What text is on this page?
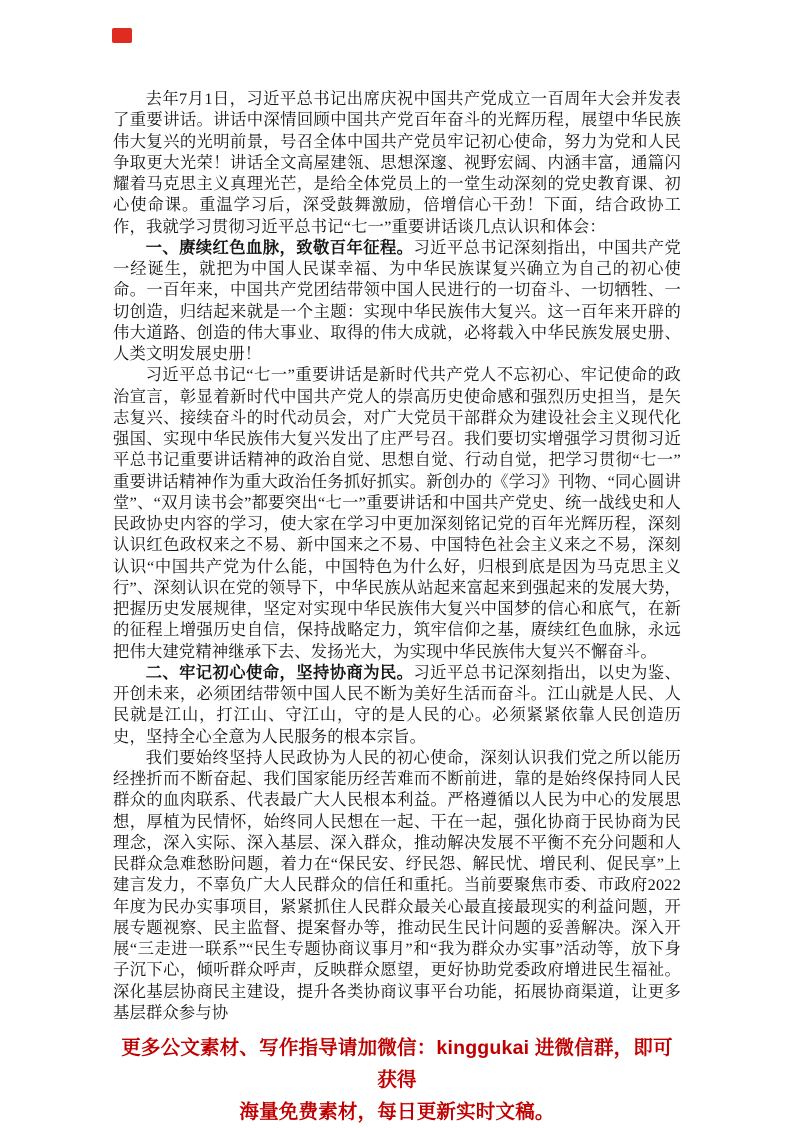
去年7月1日，习近平总书记出席庆祝中国共产党成立一百周年大会并发表了重要讲话。讲话中深情回顾中国共产党百年奋斗的光辉历程，展望中华民族伟大复兴的光明前景，号召全体中国共产党员牢记初心使命，努力为党和人民争取更大光荣！讲话全文高屋建瓴、思想深邃、视野宏阔、内涵丰富，通篇闪耀着马克思主义真理光芒，是给全体党员上的一堂生动深刻的党史教育课、初心使命课。重温学习后，深受鼓舞激励，倍增信心干劲！下面，结合政协工作，我就学习贯彻习近平总书记“七一”重要讲话谈几点认识和体会：

一、赓续红色血脉，致敬百年征程。习近平总书记深刻指出，中国共产党一经诞生，就把为中国人民谋幸福、为中华民族谋复兴确立为自己的初心使命。一百年来，中国共产党团结带领中国人民进行的一切奋斗、一切牺牲、一切创造，归结起来就是一个主题：实现中华民族伟大复兴。这一百年来开辟的伟大道路、创造的伟大事业、取得的伟大成就，必将载入中华民族发展史册、人类文明发展史册！

习近平总书记“七一”重要讲话是新时代共产党人不忘初心、牢记使命的政治宣言，彰显着新时代中国共产党人的崇高历史使命感和强烈历史担当，是矢志复兴、接续奋斗的时代动员会，对广大党员干部群众为建设社会主义现代化强国、实现中华民族伟大复兴发出了庄严号召。我们要切实增强学习贯彻习近平总书记重要讲话精神的政治自觉、思想自觉、行动自觉，把学习贯彻“七一”重要讲话精神作为重大政治任务抓好抓实。新创办的《学习》刊物、“同心圆讲堂”、“双月读书会”都要突出“七一”重要讲话和中国共产党史、统一战线史和人民政协史内容的学习，使大家在学习中更加深刻铭记党的百年光辉历程，深刻认识红色政权来之不易、新中国来之不易、中国特色社会主义来之不易，深刻认识“中国共产党为什么能，中国特色为什么好，归根到底是因为马克思主义行”、深刻认识在党的领导下，中华民族从站起来富起来到强起来的发展大势，把握历史发展规律，坚定对实现中华民族伟大复兴中国梦的信心和底气，在新的征程上增强历史自信，保持战略定力，筑牢信仰之基，赓续红色血脉，永远把伟大建党精神继承下去、发扬光大，为实现中华民族伟大复兴不懈奋斗。

二、牢记初心使命，坚持协商为民。习近平总书记深刻指出，以史为鉴、开创未来，必须团结带领中国人民不断为美好生活而奋斗。江山就是人民、人民就是江山，打江山、守江山，守的是人民的心。必须紧紧依靠人民创造历史，坚持全心全意为人民服务的根本宗旨。

我们要始终坚持人民政协为人民的初心使命，深刻认识我们党之所以能历经挫折而不断奋起、我们国家能历经苦难而不断前进，靠的是始终保持同人民群众的血肉联系、代表最广大人民根本利益。严格遵循以人民为中心的发展思想，厚植为民情怀，始终同人民想在一起、干在一起，强化协商于民协商为民理念，深入实际、深入基层、深入群众，推动解决发展不平衡不充分问题和人民群众急难愁盼问题，着力在“保民安、纾民怨、解民忧、增民利、促民享”上建言发力，不辜负广大人民群众的信任和重托。当前要聚焦市委、市政府2022年度为民办实事项目，紧紧抓住人民群众最关心最直接最现实的利益问题，开展专题视察、民主监督、提案督办等，推动民生民计问题的妥善解决。深入开展“三走进一联系”“民生专题协商议事月”和“我为群众办实事”活动等，放下身子沉下心，倾听群众呼声，反映群众愿望，更好协助党委政府增进民生福祉。深化基层协商民主建设，提升各类协商议事平台功能，拓展协商渠道，让更多基层群众参与协

更多公文素材、写作指导请加微信：kinggukai 进微信群，即可获得
海量免费素材，每日更新实时文稿。
